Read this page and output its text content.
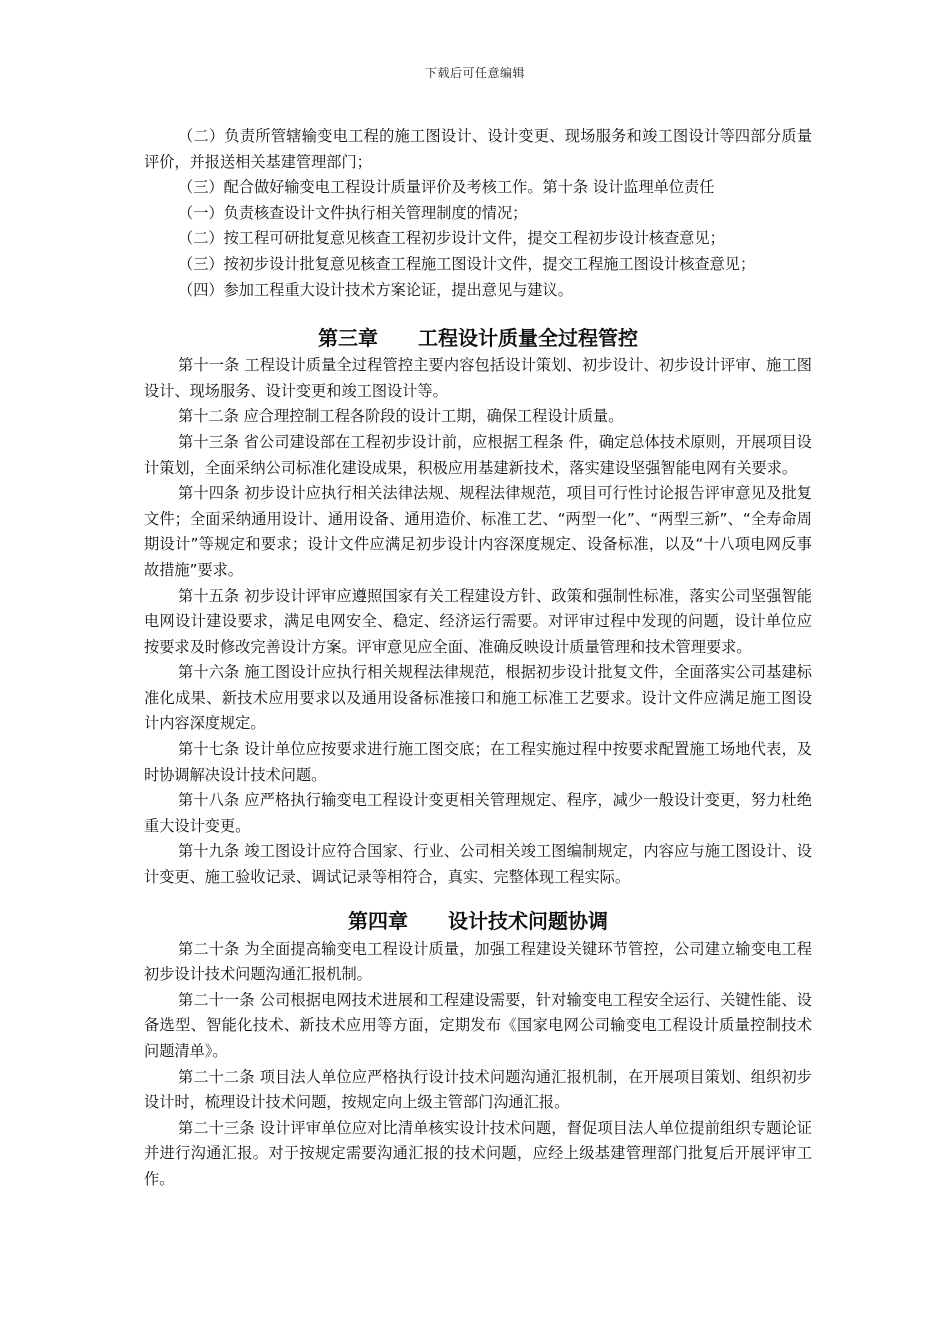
下载后可任意编辑

（二）负责所管辖输变电工程的施工图设计、设计变更、现场服务和竣工图设计等四部分质量评价，并报送相关基建管理部门；

（三）配合做好输变电工程设计质量评价及考核工作。第十条 设计监理单位责任

（一）负责核查设计文件执行相关管理制度的情况；

（二）按工程可研批复意见核查工程初步设计文件，提交工程初步设计核查意见；

（三）按初步设计批复意见核查工程施工图设计文件，提交工程施工图设计核查意见；

（四）参加工程重大设计技术方案论证，提出意见与建议。

第三章 工程设计质量全过程管控

第十一条 工程设计质量全过程管控主要内容包括设计策划、初步设计、初步设计评审、施工图设计、现场服务、设计变更和竣工图设计等。

第十二条 应合理控制工程各阶段的设计工期，确保工程设计质量。

第十三条 省公司建设部在工程初步设计前，应根据工程条 件，确定总体技术原则，开展项目设计策划，全面采纳公司标准化建设成果，积极应用基建新技术，落实建设坚强智能电网有关要求。

第十四条 初步设计应执行相关法律法规、规程法律规范，项目可行性讨论报告评审意见及批复文件；全面采纳通用设计、通用设备、通用造价、标准工艺、“两型一化”、“两型三新”、“全寿命周期设计”等规定和要求；设计文件应满足初步设计内容深度规定、设备标准，以及“十八项电网反事故措施”要求。

第十五条 初步设计评审应遵照国家有关工程建设方针、政策和强制性标准，落实公司坚强智能电网设计建设要求，满足电网安全、稳定、经济运行需要。对评审过程中发现的问题，设计单位应按要求及时修改完善设计方案。评审意见应全面、准确反映设计质量管理和技术管理要求。

第十六条 施工图设计应执行相关规程法律规范，根据初步设计批复文件，全面落实公司基建标准化成果、新技术应用要求以及通用设备标准接口和施工标准工艺要求。设计文件应满足施工图设计内容深度规定。

第十七条 设计单位应按要求进行施工图交底；在工程实施过程中按要求配置施工场地代表，及时协调解决设计技术问题。

第十八条 应严格执行输变电工程设计变更相关管理规定、程序，减少一般设计变更，努力杜绝重大设计变更。

第十九条 竣工图设计应符合国家、行业、公司相关竣工图编制规定，内容应与施工图设计、设计变更、施工验收记录、调试记录等相符合，真实、完整体现工程实际。

第四章 设计技术问题协调

第二十条 为全面提高输变电工程设计质量，加强工程建设关键环节管控，公司建立输变电工程初步设计技术问题沟通汇报机制。

第二十一条 公司根据电网技术进展和工程建设需要，针对输变电工程安全运行、关键性能、设备选型、智能化技术、新技术应用等方面，定期发布《国家电网公司输变电工程设计质量控制技术问题清单》。

第二十二条 项目法人单位应严格执行设计技术问题沟通汇报机制，在开展项目策划、组织初步设计时，梳理设计技术问题，按规定向上级主管部门沟通汇报。

第二十三条 设计评审单位应对比清单核实设计技术问题，督促项目法人单位提前组织专题论证并进行沟通汇报。对于按规定需要沟通汇报的技术问题，应经上级基建管理部门批复后开展评审工作。
